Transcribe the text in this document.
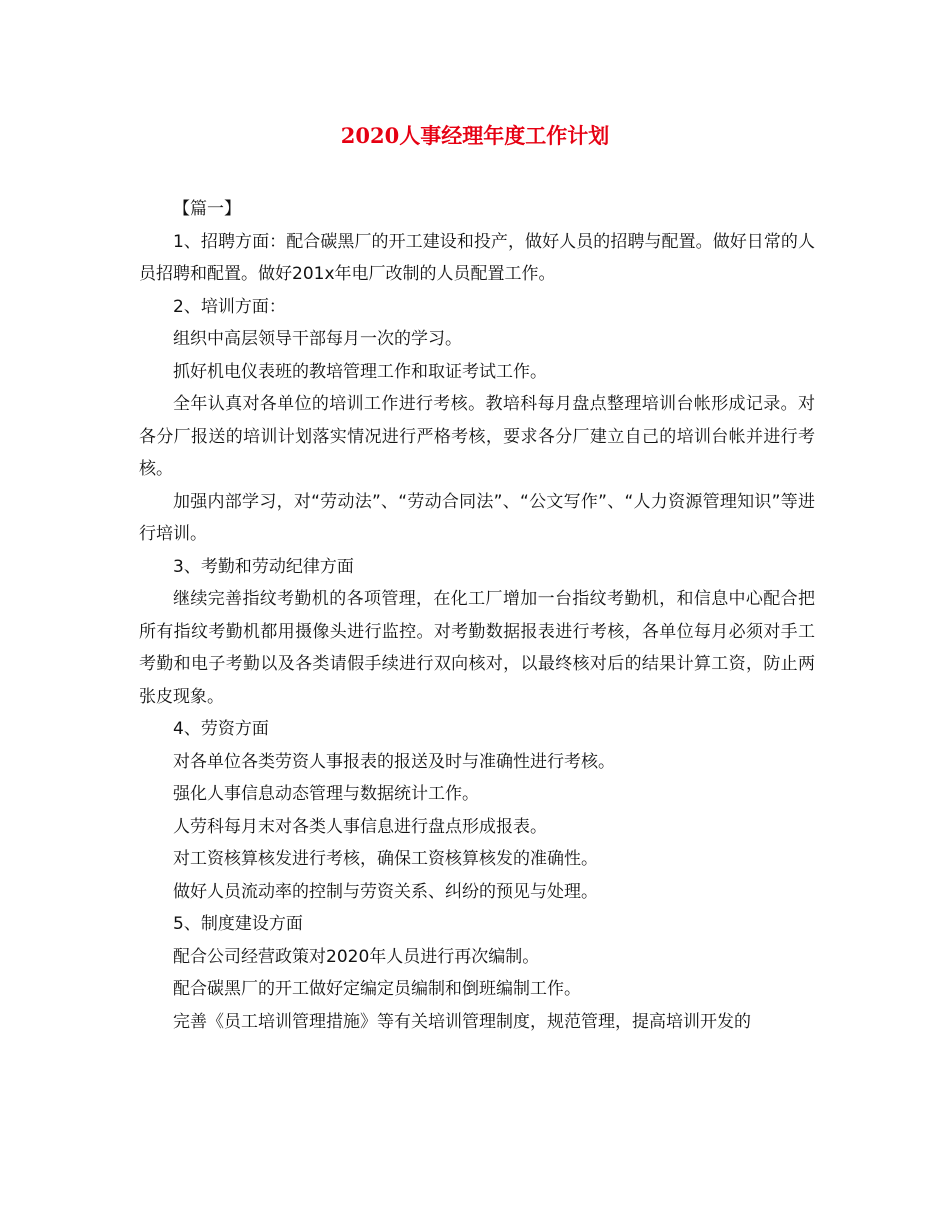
2020人事经理年度工作计划

【篇一】

1、招聘方面：配合碳黑厂的开工建设和投产，做好人员的招聘与配置。做好日常的人员招聘和配置。做好201x年电厂改制的人员配置工作。

2、培训方面：

组织中高层领导干部每月一次的学习。

抓好机电仪表班的教培管理工作和取证考试工作。

全年认真对各单位的培训工作进行考核。教培科每月盘点整理培训台帐形成记录。对各分厂报送的培训计划落实情况进行严格考核，要求各分厂建立自己的培训台帐并进行考核。

加强内部学习，对“劳动法”、“劳动合同法”、“公文写作”、“人力资源管理知识”等进行培训。

3、考勤和劳动纪律方面

继续完善指纹考勤机的各项管理，在化工厂增加一台指纹考勤机，和信息中心配合把所有指纹考勤机都用摄像头进行监控。对考勤数据报表进行考核，各单位每月必须对手工考勤和电子考勤以及各类请假手续进行双向核对，以最终核对后的结果计算工资，防止两张皮现象。

4、劳资方面

对各单位各类劳资人事报表的报送及时与准确性进行考核。

强化人事信息动态管理与数据统计工作。

人劳科每月末对各类人事信息进行盘点形成报表。

对工资核算核发进行考核，确保工资核算核发的准确性。

做好人员流动率的控制与劳资关系、纠纷的预见与处理。

5、制度建设方面

配合公司经营政策对2020年人员进行再次编制。

配合碳黑厂的开工做好定编定员编制和倒班编制工作。

完善《员工培训管理措施》等有关培训管理制度，规范管理，提高培训开发的
